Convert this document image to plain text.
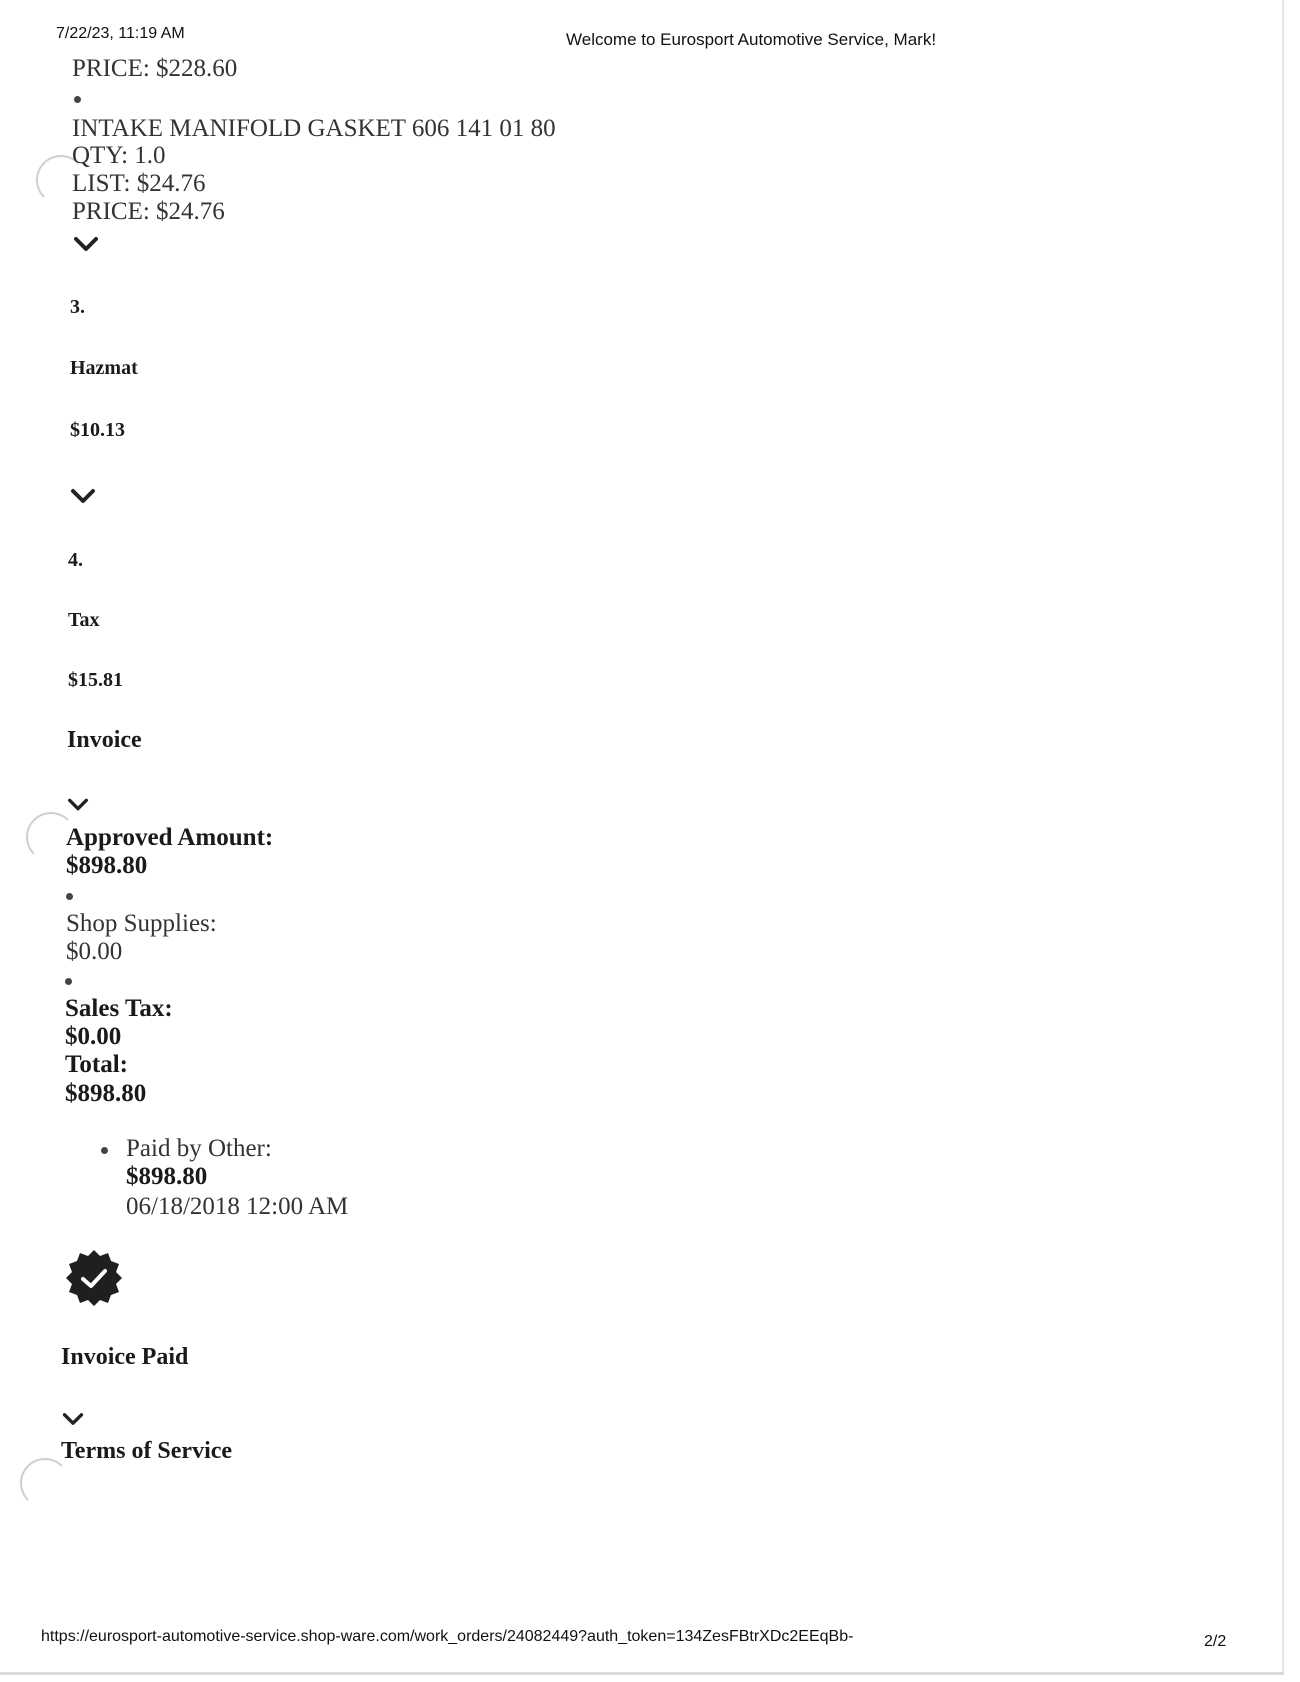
7/22/23, 11:19 AM	Welcome to Eurosport Automotive Service, Mark!
PRICE: $228.60
INTAKE MANIFOLD GASKET 606 141 01 80
QTY: 1.0
LIST: $24.76
PRICE: $24.76
3.
Hazmat
$10.13
4.
Tax
$15.81
Invoice
Approved Amount:
$898.80
Shop Supplies:
$0.00
Sales Tax:
$0.00
Total:
$898.80
Paid by Other:
$898.80
06/18/2018 12:00 AM
Invoice Paid
Terms of Service
https://eurosport-automotive-service.shop-ware.com/work_orders/24082449?auth_token=134ZesFBtrXDc2EEqBb-	2/2
